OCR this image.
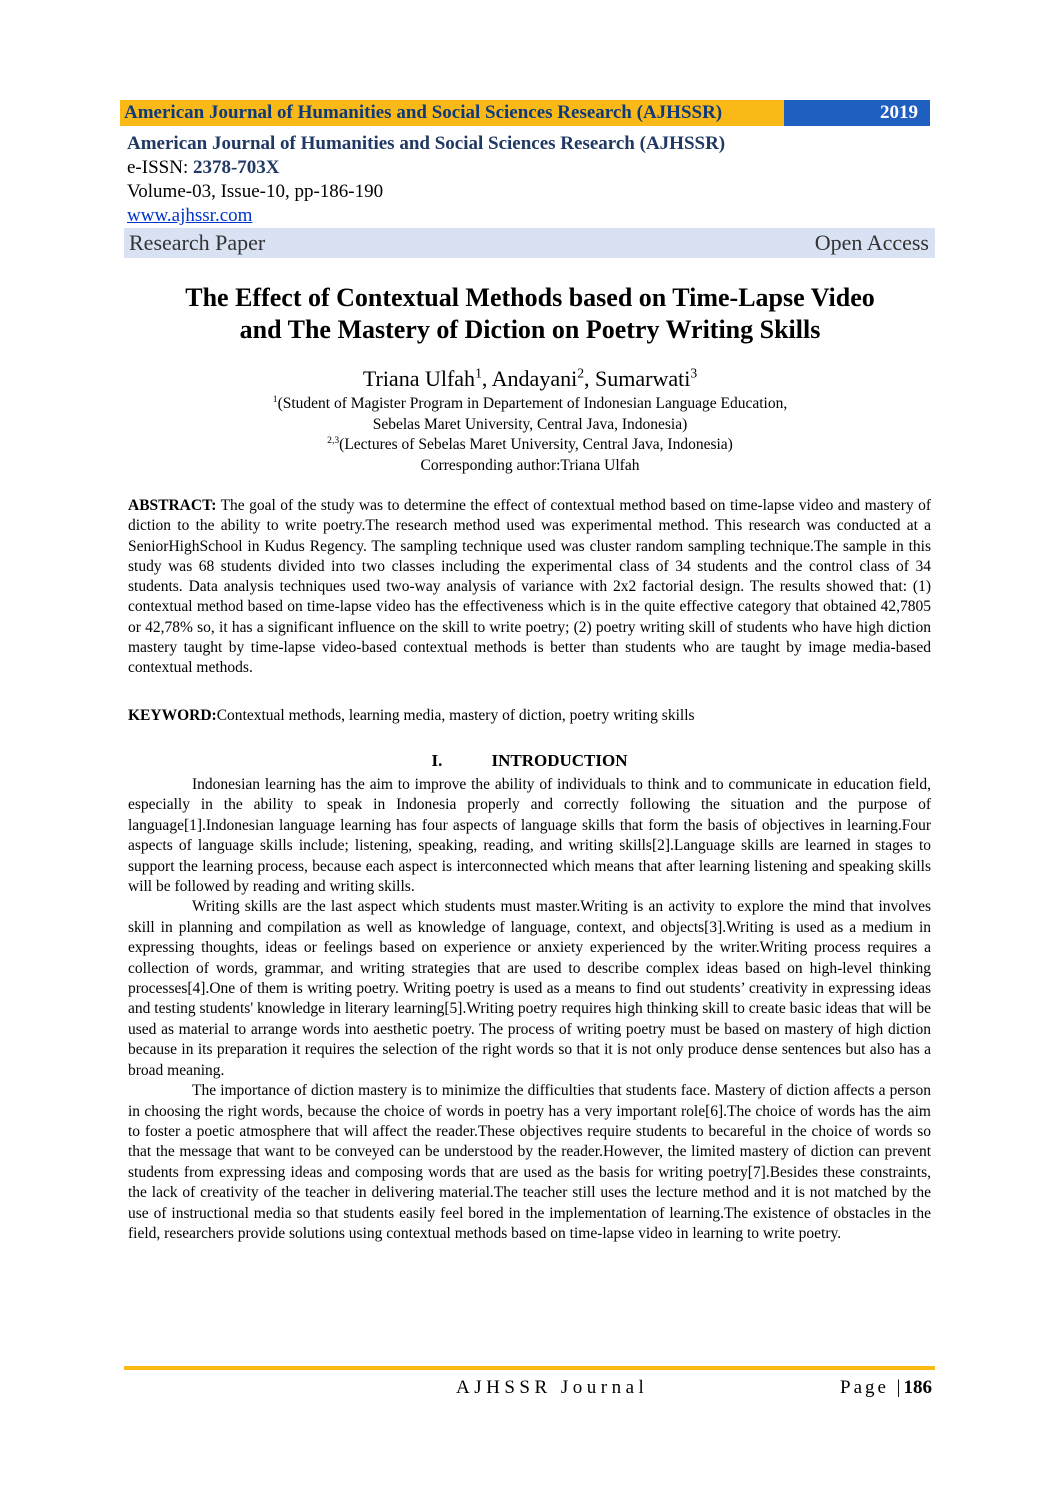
American Journal of Humanities and Social Sciences Research (AJHSSR)	2019
American Journal of Humanities and Social Sciences Research (AJHSSR)
e-ISSN: 2378-703X
Volume-03, Issue-10, pp-186-190
www.ajhssr.com
Research Paper	Open Access
The Effect of Contextual Methods based on Time-Lapse Video
and The Mastery of Diction on Poetry Writing Skills
Triana Ulfah$^1$, Andayani$^2$, Sumarwati$^3$
$^1$(Student of Magister Program in Departement of Indonesian Language Education,
Sebelas Maret University, Central Java, Indonesia)
$^{2,3}$(Lectures of Sebelas Maret University, Central Java, Indonesia)
Corresponding author:Triana Ulfah
ABSTRACT: The goal of the study was to determine the effect of contextual method based on time-lapse video and mastery of diction to the ability to write poetry.The research method used was experimental method. This research was conducted at a SeniorHighSchool in Kudus Regency. The sampling technique used was cluster random sampling technique.The sample in this study was 68 students divided into two classes including the experimental class of 34 students and the control class of 34 students. Data analysis techniques used two-way analysis of variance with 2x2 factorial design. The results showed that: (1) contextual method based on time-lapse video has the effectiveness which is in the quite effective category that obtained 42,7805 or 42,78% so, it has a significant influence on the skill to write poetry; (2) poetry writing skill of students who have high diction mastery taught by time-lapse video-based contextual methods is better than students who are taught by image media-based contextual methods.
KEYWORD:Contextual methods, learning media, mastery of diction, poetry writing skills
I.	INTRODUCTION

Indonesian learning has the aim to improve the ability of individuals to think and to communicate in education field, especially in the ability to speak in Indonesia properly and correctly following the situation and the purpose of language[1].Indonesian language learning has four aspects of language skills that form the basis of objectives in learning.Four aspects of language skills include; listening, speaking, reading, and writing skills[2].Language skills are learned in stages to support the learning process, because each aspect is interconnected which means that after learning listening and speaking skills will be followed by reading and writing skills.

Writing skills are the last aspect which students must master.Writing is an activity to explore the mind that involves skill in planning and compilation as well as knowledge of language, context, and objects[3].Writing is used as a medium in expressing thoughts, ideas or feelings based on experience or anxiety experienced by the writer.Writing process requires a collection of words, grammar, and writing strategies that are used to describe complex ideas based on high-level thinking processes[4].One of them is writing poetry. Writing poetry is used as a means to find out students’ creativity in expressing ideas and testing students' knowledge in literary learning[5].Writing poetry requires high thinking skill to create basic ideas that will be used as material to arrange words into aesthetic poetry. The process of writing poetry must be based on mastery of high diction because in its preparation it requires the selection of the right words so that it is not only produce dense sentences but also has a broad meaning.

The importance of diction mastery is to minimize the difficulties that students face. Mastery of diction affects a person in choosing the right words, because the choice of words in poetry has a very important role[6].The choice of words has the aim to foster a poetic atmosphere that will affect the reader.These objectives require students to becareful in the choice of words so that the message that want to be conveyed can be understood by the reader.However, the limited mastery of diction can prevent students from expressing ideas and composing words that are used as the basis for writing poetry[7].Besides these constraints, the lack of creativity of the teacher in delivering material.The teacher still uses the lecture method and it is not matched by the use of instructional media so that students easily feel bored in the implementation of learning.The existence of obstacles in the field, researchers provide solutions using contextual methods based on time-lapse video in learning to write poetry.

AJHSSR Journal	Page |186
